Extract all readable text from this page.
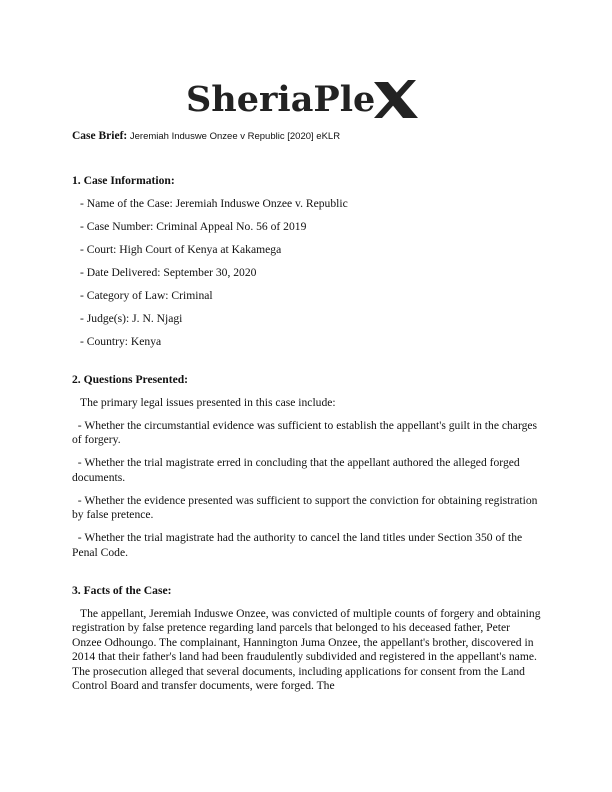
SheriaPle X
Case Brief: Jeremiah Induswe Onzee v Republic [2020] eKLR
1. Case Information:
- Name of the Case: Jeremiah Induswe Onzee v. Republic
- Case Number: Criminal Appeal No. 56 of 2019
- Court: High Court of Kenya at Kakamega
- Date Delivered: September 30, 2020
- Category of Law: Criminal
- Judge(s): J. N. Njagi
- Country: Kenya
2. Questions Presented:
The primary legal issues presented in this case include:
- Whether the circumstantial evidence was sufficient to establish the appellant's guilt in the charges of forgery.
- Whether the trial magistrate erred in concluding that the appellant authored the alleged forged documents.
- Whether the evidence presented was sufficient to support the conviction for obtaining registration by false pretence.
- Whether the trial magistrate had the authority to cancel the land titles under Section 350 of the Penal Code.
3. Facts of the Case:

The appellant, Jeremiah Induswe Onzee, was convicted of multiple counts of forgery and obtaining registration by false pretence regarding land parcels that belonged to his deceased father, Peter Onzee Odhoungo. The complainant, Hannington Juma Onzee, the appellant's brother, discovered in 2014 that their father's land had been fraudulently subdivided and registered in the appellant's name. The prosecution alleged that several documents, including applications for consent from the Land Control Board and transfer documents, were forged. The
